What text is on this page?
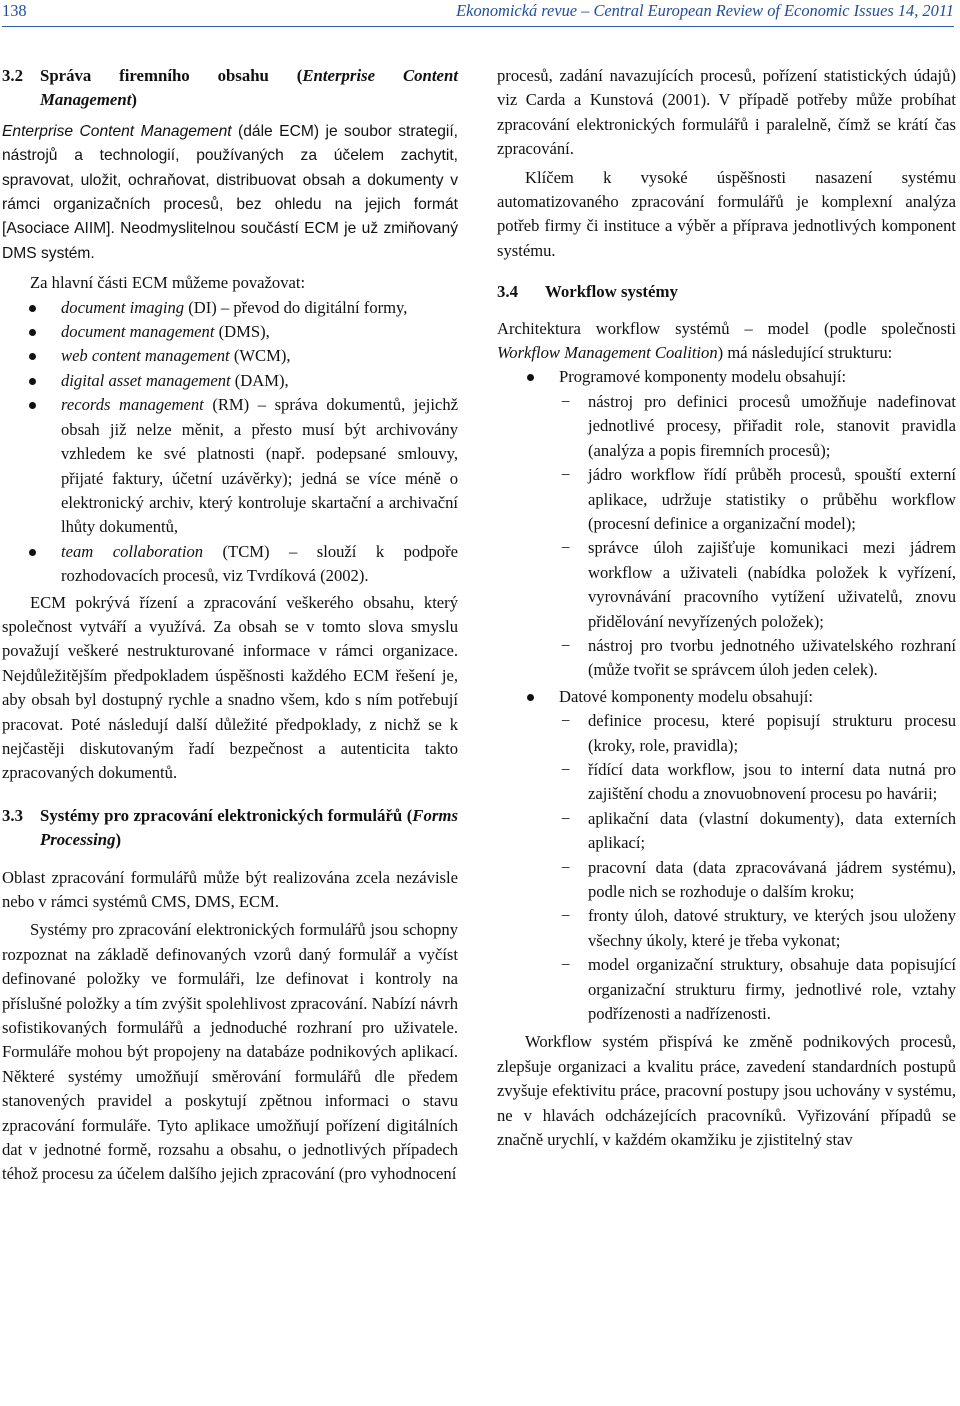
138	Ekonomická revue – Central European Review of Economic Issues 14, 2011
3.2	Správa firemního obsahu (Enterprise Content Management)

Enterprise Content Management (dále ECM) je soubor strategií, nástrojů a technologií, používaných za účelem zachytit, spravovat, uložit, ochraňovat, distribuovat obsah a dokumenty v rámci organizačních procesů, bez ohledu na jejich formát [Asociace AIIM]. Neodmyslitelnou součástí ECM je už zmiňovaný DMS systém.

Za hlavní části ECM můžeme považovat:

document imaging (DI) – převod do digitální formy,
document management (DMS),
web content management (WCM),
digital asset management (DAM),
records management (RM) – správa dokumentů, jejichž obsah již nelze měnit, a přesto musí být archivovány vzhledem ke své platnosti (např. podepsané smlouvy, přijaté faktury, účetní uzávěrky); jedná se více méně o elektronický archiv, který kontroluje skartační a archivační lhůty dokumentů,
team collaboration (TCM) – slouží k podpoře rozhodovacích procesů, viz Tvrdíková (2002).

ECM pokrývá řízení a zpracování veškerého obsahu, který společnost vytváří a využívá. Za obsah se v tomto slova smyslu považují veškeré nestrukturované informace v rámci organizace. Nejdůležitějším předpokladem úspěšnosti každého ECM řešení je, aby obsah byl dostupný rychle a snadno všem, kdo s ním potřebují pracovat. Poté následují další důležité předpoklady, z nichž se k nejčastěji diskutovaným řadí bezpečnost a autenticita takto zpracovaných dokumentů.

3.3	Systémy pro zpracování elektronických formulářů (Forms Processing)

Oblast zpracování formulářů může být realizována zcela nezávisle nebo v rámci systémů CMS, DMS, ECM.

Systémy pro zpracování elektronických formulářů jsou schopny rozpoznat na základě definovaných vzorů daný formulář a vyčíst definované položky ve formuláři, lze definovat i kontroly na příslušné položky a tím zvýšit spolehlivost zpracování. Nabízí návrh sofistikovaných formulářů a jednoduché rozhraní pro uživatele. Formuláře mohou být propojeny na databáze podnikových aplikací. Některé systémy umožňují směrování formulářů dle předem stanovených pravidel a poskytují zpětnou informaci o stavu zpracování formuláře. Tyto aplikace umožňují pořízení digitálních dat v jednotné formě, rozsahu a obsahu, o jednotlivých případech téhož procesu za účelem dalšího jejich zpracování (pro vyhodnocení

procesů, zadání navazujících procesů, pořízení statistických údajů) viz Carda a Kunstová (2001). V případě potřeby může probíhat zpracování elektronických formulářů i paralelně, čímž se krátí čas zpracování.

Klíčem k vysoké úspěšnosti nasazení systému automatizovaného zpracování formulářů je komplexní analýza potřeb firmy či instituce a výběr a příprava jednotlivých komponent systému.

3.4	Workflow systémy

Architektura workflow systémů – model (podle společnosti Workflow Management Coalition) má následující strukturu:

Programové komponenty modelu obsahují:
− nástroj pro definici procesů umožňuje nadefinovat jednotlivé procesy, přiřadit role, stanovit pravidla (analýza a popis firemních procesů);
− jádro workflow řídí průběh procesů, spouští externí aplikace, udržuje statistiky o průběhu workflow (procesní definice a organizační model);
− správce úloh zajišťuje komunikaci mezi jádrem workflow a uživateli (nabídka položek k vyřízení, vyrovnávání pracovního vytížení uživatelů, znovu přidělování nevyřízených položek);
− nástroj pro tvorbu jednotného uživatelského rozhraní (může tvořit se správcem úloh jeden celek).
Datové komponenty modelu obsahují:
− definice procesu, které popisují strukturu procesu (kroky, role, pravidla);
− řídící data workflow, jsou to interní data nutná pro zajištění chodu a znovuobnovení procesu po havárii;
− aplikační data (vlastní dokumenty), data externích aplikací;
− pracovní data (data zpracovávaná jádrem systému), podle nich se rozhoduje o dalším kroku;
− fronty úloh, datové struktury, ve kterých jsou uloženy všechny úkoly, které je třeba vykonat;
− model organizační struktury, obsahuje data popisující organizační strukturu firmy, jednotlivé role, vztahy podřízenosti a nadřízenosti.

Workflow systém přispívá ke změně podnikových procesů, zlepšuje organizaci a kvalitu práce, zavedení standardních postupů zvyšuje efektivitu práce, pracovní postupy jsou uchovány v systému, ne v hlavách odcházejících pracovníků. Vyřizování případů se značně urychlí, v každém okamžiku je zjistitelný stav
